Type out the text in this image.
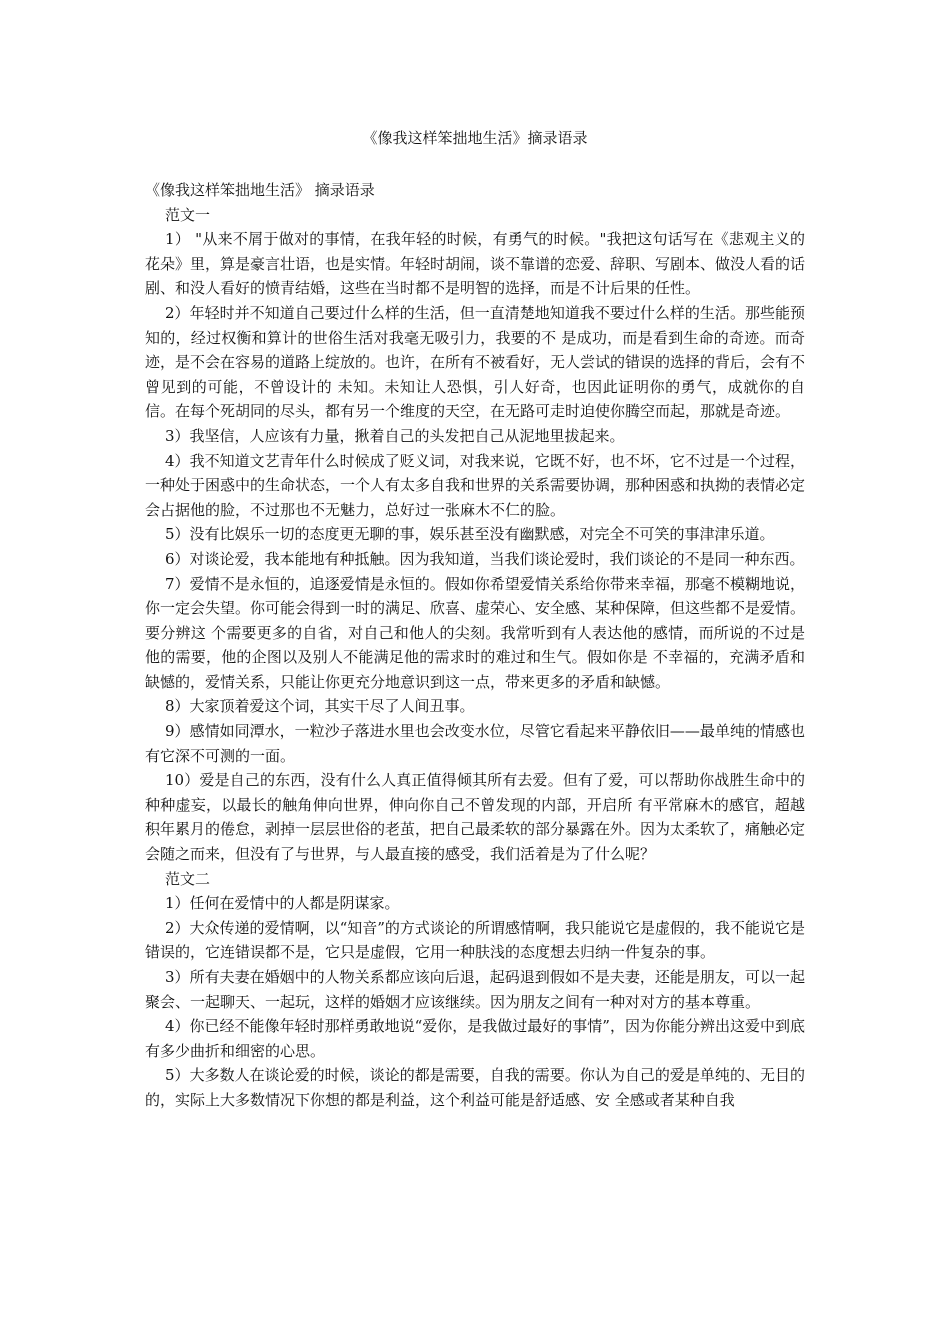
《像我这样笨拙地生活》摘录语录

《像我这样笨拙地生活》 摘录语录

范文一

1） "从来不屑于做对的事情，在我年轻的时候，有勇气的时候。"我把这句话写在《悲观主义的花朵》里，算是豪言壮语，也是实情。年轻时胡闹，谈不靠谱的恋爱、辞职、写剧本、做没人看的话剧、和没人看好的愤青结婚，这些在当时都不是明智的选择，而是不计后果的任性。

2）年轻时并不知道自己要过什么样的生活，但一直清楚地知道我不要过什么样的生活。那些能预知的，经过权衡和算计的世俗生活对我毫无吸引力，我要的不 是成功，而是看到生命的奇迹。而奇迹，是不会在容易的道路上绽放的。也许，在所有不被看好，无人尝试的错误的选择的背后，会有不曾见到的可能，不曾设计的 未知。未知让人恐惧，引人好奇，也因此证明你的勇气，成就你的自信。在每个死胡同的尽头，都有另一个维度的天空，在无路可走时迫使你腾空而起，那就是奇迹。

3）我坚信，人应该有力量，揪着自己的头发把自己从泥地里拔起来。

4）我不知道文艺青年什么时候成了贬义词，对我来说，它既不好，也不坏，它不过是一个过程，一种处于困惑中的生命状态，一个人有太多自我和世界的关系需要协调，那种困惑和执拗的表情必定会占据他的脸，不过那也不无魅力，总好过一张麻木不仁的脸。

5）没有比娱乐一切的态度更无聊的事，娱乐甚至没有幽默感，对完全不可笑的事津津乐道。

6）对谈论爱，我本能地有种抵触。因为我知道，当我们谈论爱时，我们谈论的不是同一种东西。

7）爱情不是永恒的，追逐爱情是永恒的。假如你希望爱情关系给你带来幸福，那毫不模糊地说，你一定会失望。你可能会得到一时的满足、欣喜、虚荣心、安全感、某种保障，但这些都不是爱情。要分辨这 个需要更多的自省，对自己和他人的尖刻。我常听到有人表达他的感情，而所说的不过是他的需要，他的企图以及别人不能满足他的需求时的难过和生气。假如你是 不幸福的，充满矛盾和缺憾的，爱情关系，只能让你更充分地意识到这一点，带来更多的矛盾和缺憾。

8）大家顶着爱这个词，其实干尽了人间丑事。

9）感情如同潭水，一粒沙子落进水里也会改变水位，尽管它看起来平静依旧——最单纯的情感也有它深不可测的一面。

10）爱是自己的东西，没有什么人真正值得倾其所有去爱。但有了爱，可以帮助你战胜生命中的种种虚妄，以最长的触角伸向世界，伸向你自己不曾发现的内部，开启所 有平常麻木的感官，超越积年累月的倦怠，剥掉一层层世俗的老茧，把自己最柔软的部分暴露在外。因为太柔软了，痛触必定会随之而来，但没有了与世界，与人最直接的感受，我们活着是为了什么呢？

范文二

1）任何在爱情中的人都是阴谋家。

2）大众传递的爱情啊，以“知音”的方式谈论的所谓感情啊，我只能说它是虚假的，我不能说它是错误的，它连错误都不是，它只是虚假，它用一种肤浅的态度想去归纳一件复杂的事。

3）所有夫妻在婚姻中的人物关系都应该向后退，起码退到假如不是夫妻，还能是朋友，可以一起聚会、一起聊天、一起玩，这样的婚姻才应该继续。因为朋友之间有一种对对方的基本尊重。

4）你已经不能像年轻时那样勇敢地说“爱你，是我做过最好的事情”，因为你能分辨出这爱中到底有多少曲折和细密的心思。

5）大多数人在谈论爱的时候，谈论的都是需要，自我的需要。你认为自己的爱是单纯的、无目的的，实际上大多数情况下你想的都是利益，这个利益可能是舒适感、安 全感或者某种自我
